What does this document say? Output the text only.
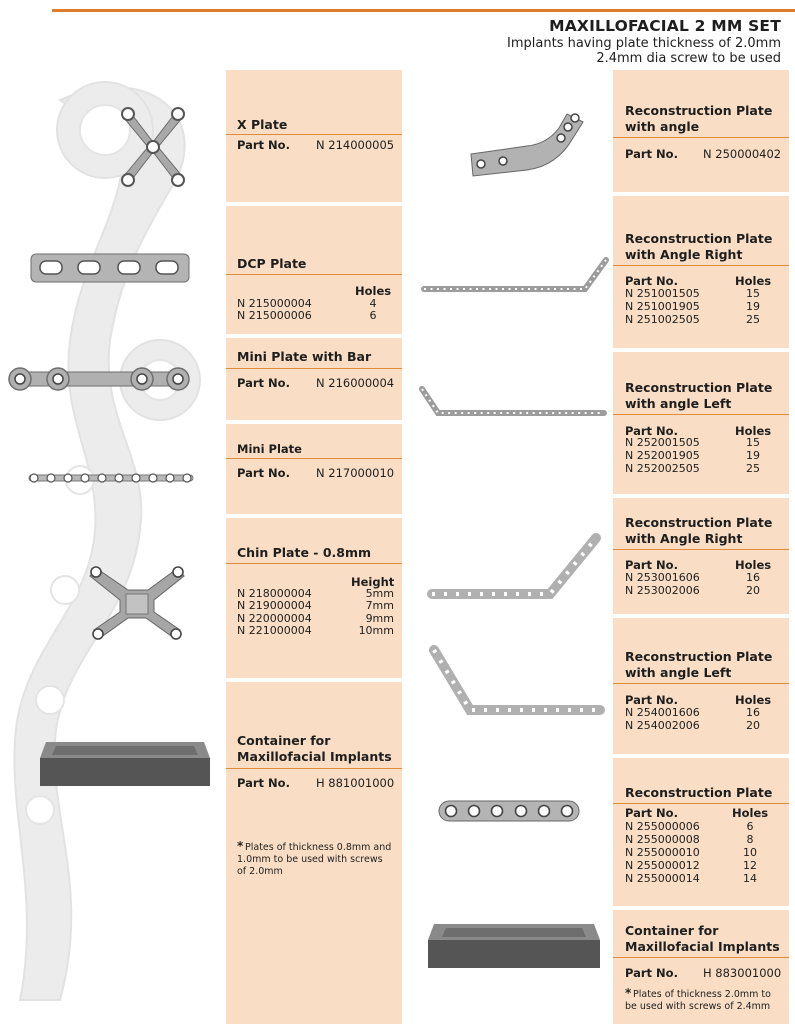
MAXILLOFACIAL 2 MM SET
Implants having plate thickness of 2.0mm
2.4mm dia screw to be used
X Plate
Part No. N 214000005
DCP Plate
Holes
N 215000004	4
N 215000006	6
Mini Plate with Bar
Part No. N 216000004
Mini Plate
Part No. N 217000010
Chin Plate - 0.8mm
Height
N 218000004	5mm
N 219000004	7mm
N 220000004	9mm
N 221000004	10mm
Container for
Maxillofacial Implants
Part No. H 881001000
* Plates of thickness 0.8mm and
1.0mm to be used with screws
of 2.0mm
Reconstruction Plate
with angle
Part No. N 250000402
Reconstruction Plate
with Angle Right
Part No.	Holes
N 251001505	15
N 251001905	19
N 251002505	25
Reconstruction Plate
with angle Left
Part No.	Holes
N 252001505	15
N 252001905	19
N 252002505	25
Reconstruction Plate
with Angle Right
Part No.	Holes
N 253001606	16
N 253002006	20
Reconstruction Plate
with angle Left
Part No.	Holes
N 254001606	16
N 254002006	20
Reconstruction Plate
Part No.	Holes
N 255000006	6
N 255000008	8
N 255000010	10
N 255000012	12
N 255000014	14
Container for
Maxillofacial Implants
Part No. H 883001000
* Plates of thickness 2.0mm to
be used with screws of 2.4mm
